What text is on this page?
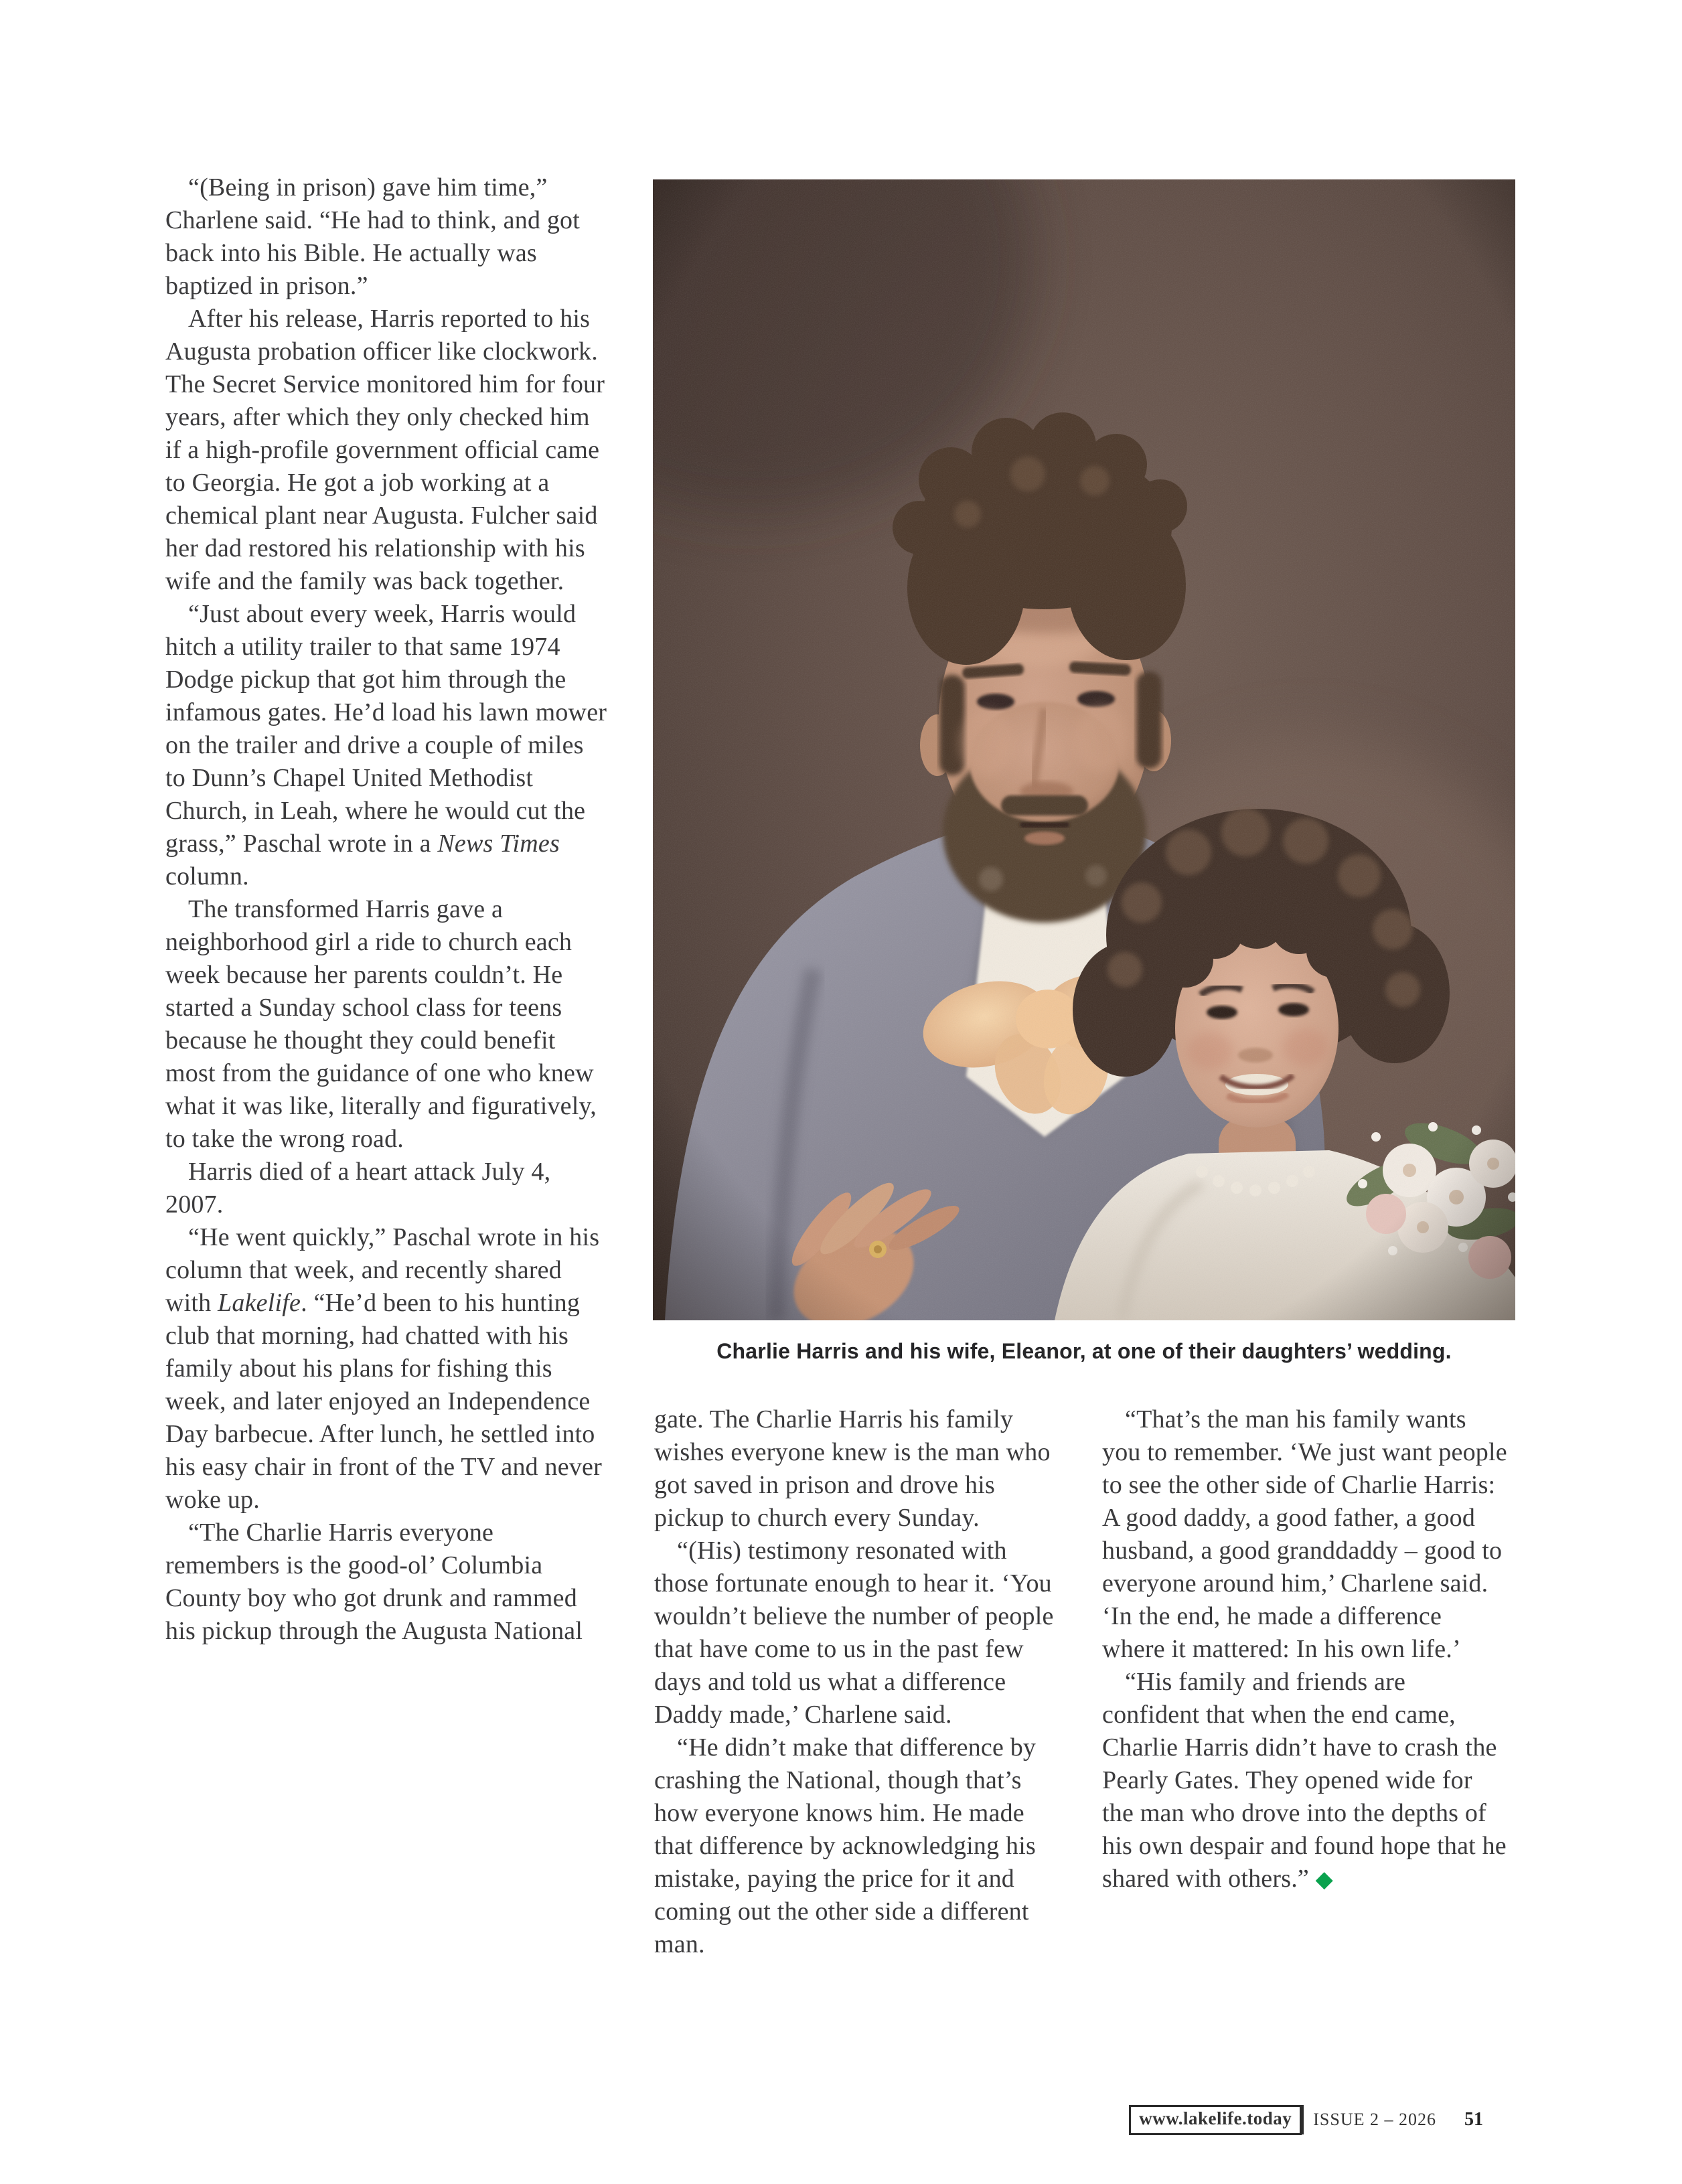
“(Being in prison) gave him time,” Charlene said. “He had to think, and got back into his Bible. He actually was baptized in prison.”

After his release, Harris reported to his Augusta probation officer like clockwork. The Secret Service monitored him for four years, after which they only checked him if a high-profile government official came to Georgia. He got a job working at a chemical plant near Augusta. Fulcher said her dad restored his relationship with his wife and the family was back together.

“Just about every week, Harris would hitch a utility trailer to that same 1974 Dodge pickup that got him through the infamous gates. He’d load his lawn mower on the trailer and drive a couple of miles to Dunn’s Chapel United Methodist Church, in Leah, where he would cut the grass,” Paschal wrote in a News Times column.

The transformed Harris gave a neighborhood girl a ride to church each week because her parents couldn’t. He started a Sunday school class for teens because he thought they could benefit most from the guidance of one who knew what it was like, literally and figuratively, to take the wrong road.

Harris died of a heart attack July 4, 2007.

“He went quickly,” Paschal wrote in his column that week, and recently shared with Lakelife. “He’d been to his hunting club that morning, had chatted with his family about his plans for fishing this week, and later enjoyed an Independence Day barbecue. After lunch, he settled into his easy chair in front of the TV and never woke up.

“The Charlie Harris everyone remembers is the good-ol’ Columbia County boy who got drunk and rammed his pickup through the Augusta National

Charlie Harris and his wife, Eleanor, at one of their daughters’ wedding.

gate. The Charlie Harris his family wishes everyone knew is the man who got saved in prison and drove his pickup to church every Sunday.

“(His) testimony resonated with those fortunate enough to hear it. ‘You wouldn’t believe the number of people that have come to us in the past few days and told us what a difference Daddy made,’ Charlene said.

“He didn’t make that difference by crashing the National, though that’s how everyone knows him. He made that difference by acknowledging his mistake, paying the price for it and coming out the other side a different man.

“That’s the man his family wants you to remember. ‘We just want people to see the other side of Charlie Harris: A good daddy, a good father, a good husband, a good granddaddy – good to everyone around him,’ Charlene said. ‘In the end, he made a difference where it mattered: In his own life.’

“His family and friends are confident that when the end came, Charlie Harris didn’t have to crash the Pearly Gates. They opened wide for the man who drove into the depths of his own despair and found hope that he shared with others.” ◆

www.lakelife.today	ISSUE 2 – 2026 51
